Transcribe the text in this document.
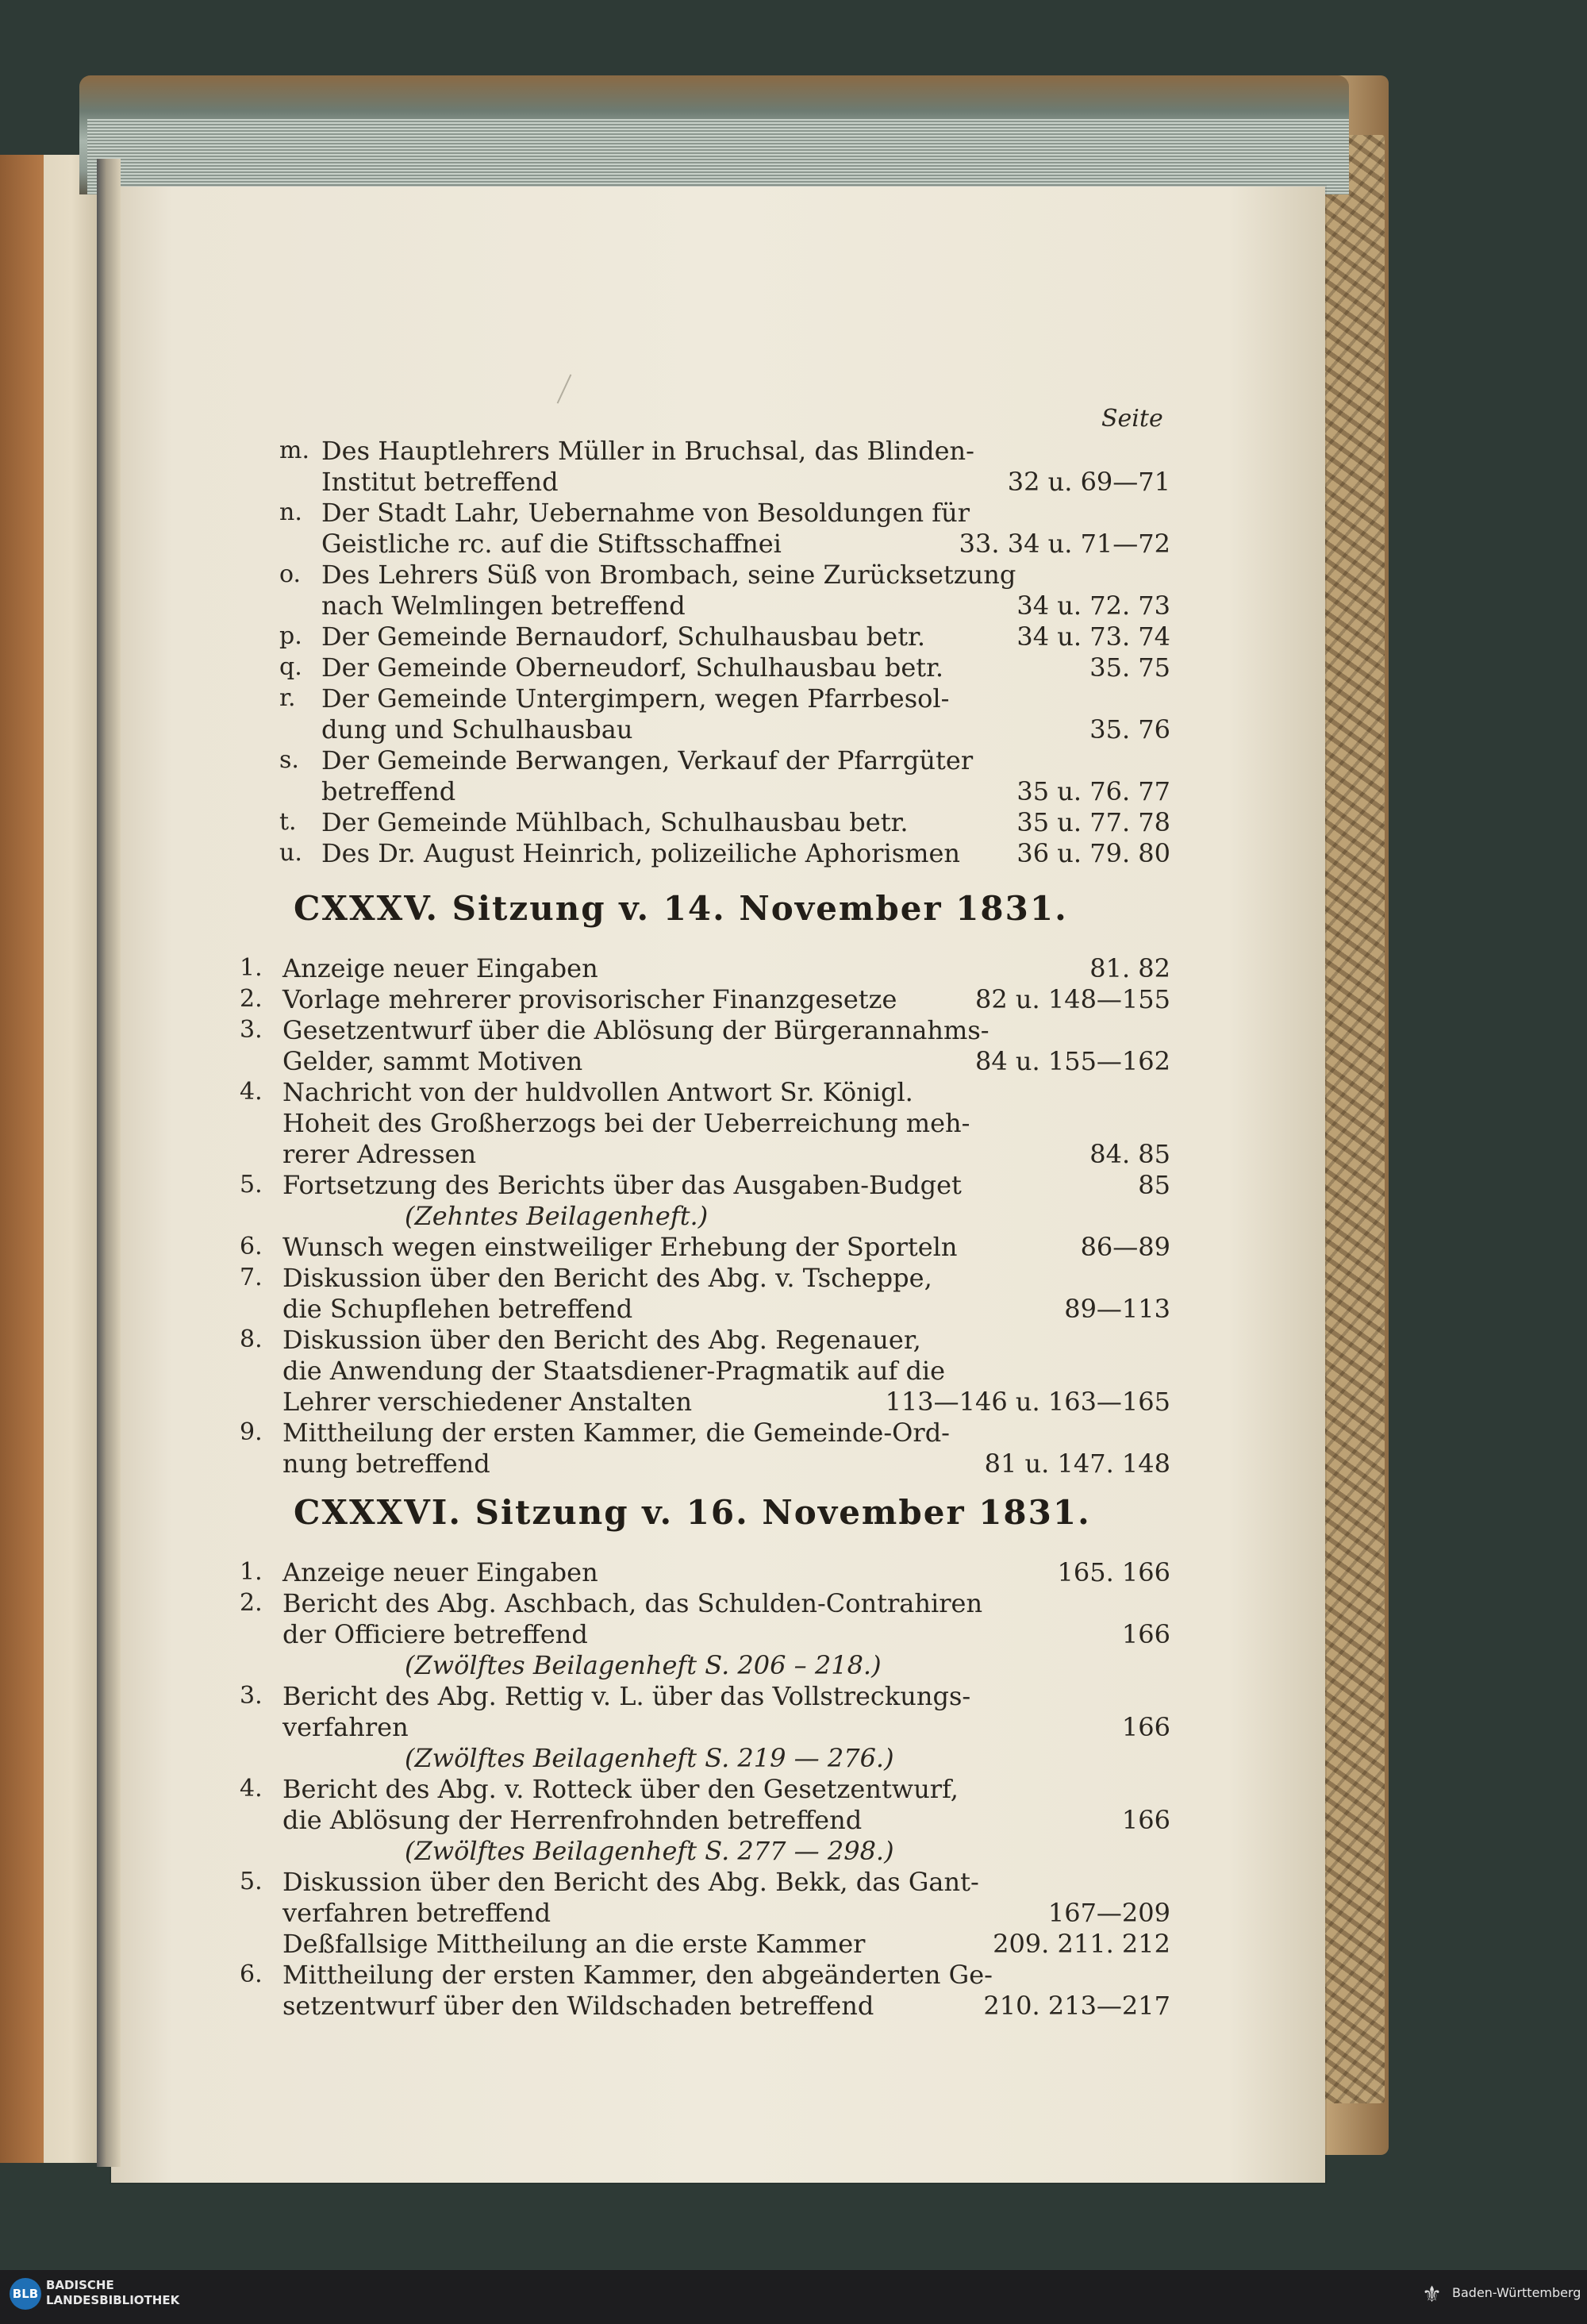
Seite
m. Des Hauptlehrers Müller in Bruchsal, das Blinden-
Institut betreffend	32 u. 69—71
n. Der Stadt Lahr, Uebernahme von Besoldungen für
Geistliche rc. auf die Stiftsschaffnei	33. 34 u. 71—72
o. Des Lehrers Süß von Brombach, seine Zurücksetzung
nach Welmlingen betreffend	34 u. 72. 73
p. Der Gemeinde Bernaudorf, Schulhausbau betr.	34 u. 73. 74
q. Der Gemeinde Oberneudorf, Schulhausbau betr.	35. 75
r. Der Gemeinde Untergimpern, wegen Pfarrbesol-
dung und Schulhausbau	35. 76
s. Der Gemeinde Berwangen, Verkauf der Pfarrgüter
betreffend	35 u. 76. 77
t. Der Gemeinde Mühlbach, Schulhausbau betr.	35 u. 77. 78
u. Des Dr. August Heinrich, polizeiliche Aphorismen 36 u. 79. 80
CXXXV. Sitzung v. 14. November 1831.
1. Anzeige neuer Eingaben	81. 82
2. Vorlage mehrerer provisorischer Finanzgesetze	82 u. 148—155
3. Gesetzentwurf über die Ablösung der Bürgerannahms-
Gelder, sammt Motiven	84 u. 155—162
4. Nachricht von der huldvollen Antwort Sr. Königl.
Hoheit des Großherzogs bei der Ueberreichung meh-
rerer Adressen	84. 85
5. Fortsetzung des Berichts über das Ausgaben-Budget	85
(Zehntes Beilagenheft.)
6. Wunsch wegen einstweiliger Erhebung der Sporteln	86—89
7. Diskussion über den Bericht des Abg. v. Tscheppe,
die Schupflehen betreffend	89—113
8. Diskussion über den Bericht des Abg. Regenauer,
die Anwendung der Staatsdiener-Pragmatik auf die
Lehrer verschiedener Anstalten	113—146 u. 163—165
9. Mittheilung der ersten Kammer, die Gemeinde-Ord-
nung betreffend	81 u. 147. 148
CXXXVI. Sitzung v. 16. November 1831.
1. Anzeige neuer Eingaben	165. 166
2. Bericht des Abg. Aschbach, das Schulden-Contrahiren
der Officiere betreffend	166
(Zwölftes Beilagenheft S. 206 – 218.)
3. Bericht des Abg. Rettig v. L. über das Vollstreckungs-
verfahren	166
(Zwölftes Beilagenheft S. 219 — 276.)
4. Bericht des Abg. v. Rotteck über den Gesetzentwurf,
die Ablösung der Herrenfrohnden betreffend	166
(Zwölftes Beilagenheft S. 277 — 298.)
5. Diskussion über den Bericht des Abg. Bekk, das Gant-
verfahren betreffend	167—209
Deßfallsige Mittheilung an die erste Kammer	209. 211. 212
6. Mittheilung der ersten Kammer, den abgeänderten Ge-
setzentwurf über den Wildschaden betreffend	210. 213—217
BLB
BADISCHE
LANDESBIBLIOTHEK	⚜ Baden-Württemberg
